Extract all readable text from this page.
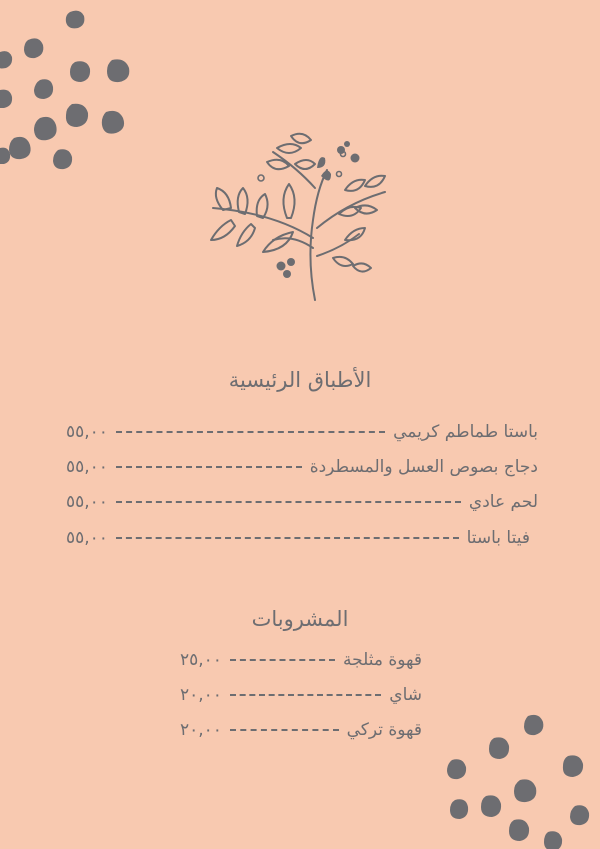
الأطباق الرئيسية
باستا طماطم كريمي
٥٥,٠٠
دجاج بصوص العسل والمسطردة
٥٥,٠٠
لحم عادي
٥٥,٠٠
فيتا باستا
٥٥,٠٠
المشروبات
قهوة مثلجة
٢٥,٠٠
شاي
٢٠,٠٠
قهوة تركي
٢٠,٠٠
